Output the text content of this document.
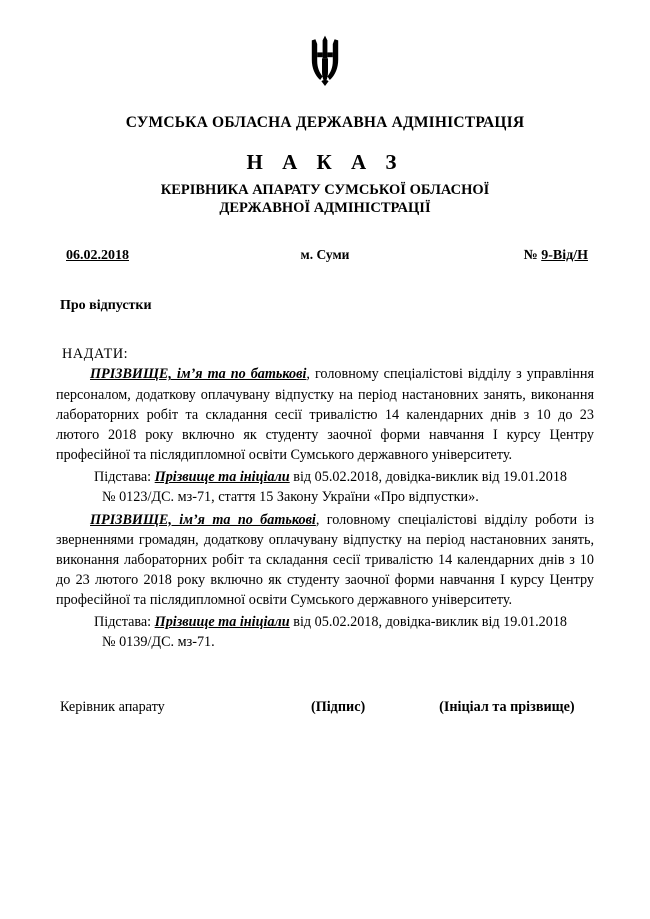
СУМСЬКА ОБЛАСНА ДЕРЖАВНА АДМІНІСТРАЦІЯ
Н А К А З
КЕРІВНИКА АПАРАТУ СУМСЬКОЇ ОБЛАСНОЇ
ДЕРЖАВНОЇ АДМІНІСТРАЦІЇ
06.02.2018	м. Суми	№ 9-Від/Н
Про відпустки
НАДАТИ:

ПРІЗВИЩЕ, ім’я та по батькові, головному спеціалістові відділу з управління персоналом, додаткову оплачувану відпустку на період настановних занять, виконання лабораторних робіт та складання сесії тривалістю 14 календарних днів з 10 до 23 лютого 2018 року включно як студенту заочної форми навчання І курсу Центру професійної та післядипломної освіти Сумського державного університету.

Підстава: Прізвище та ініціали від 05.02.2018, довідка-виклик від 19.01.2018
№ 0123/ДС. мз-71, стаття 15 Закону України «Про відпустки».

ПРІЗВИЩЕ, ім’я та по батькові, головному спеціалістові відділу роботи із зверненнями громадян, додаткову оплачувану відпустку на період настановних занять, виконання лабораторних робіт та складання сесії тривалістю 14 календарних днів з 10 до 23 лютого 2018 року включно як студенту заочної форми навчання І курсу Центру професійної та післядипломної освіти Сумського державного університету.

Підстава: Прізвище та ініціали від 05.02.2018, довідка-виклик від 19.01.2018
№ 0139/ДС. мз-71.

Керівник апарату	(Підпис)	(Ініціал та прізвище)
